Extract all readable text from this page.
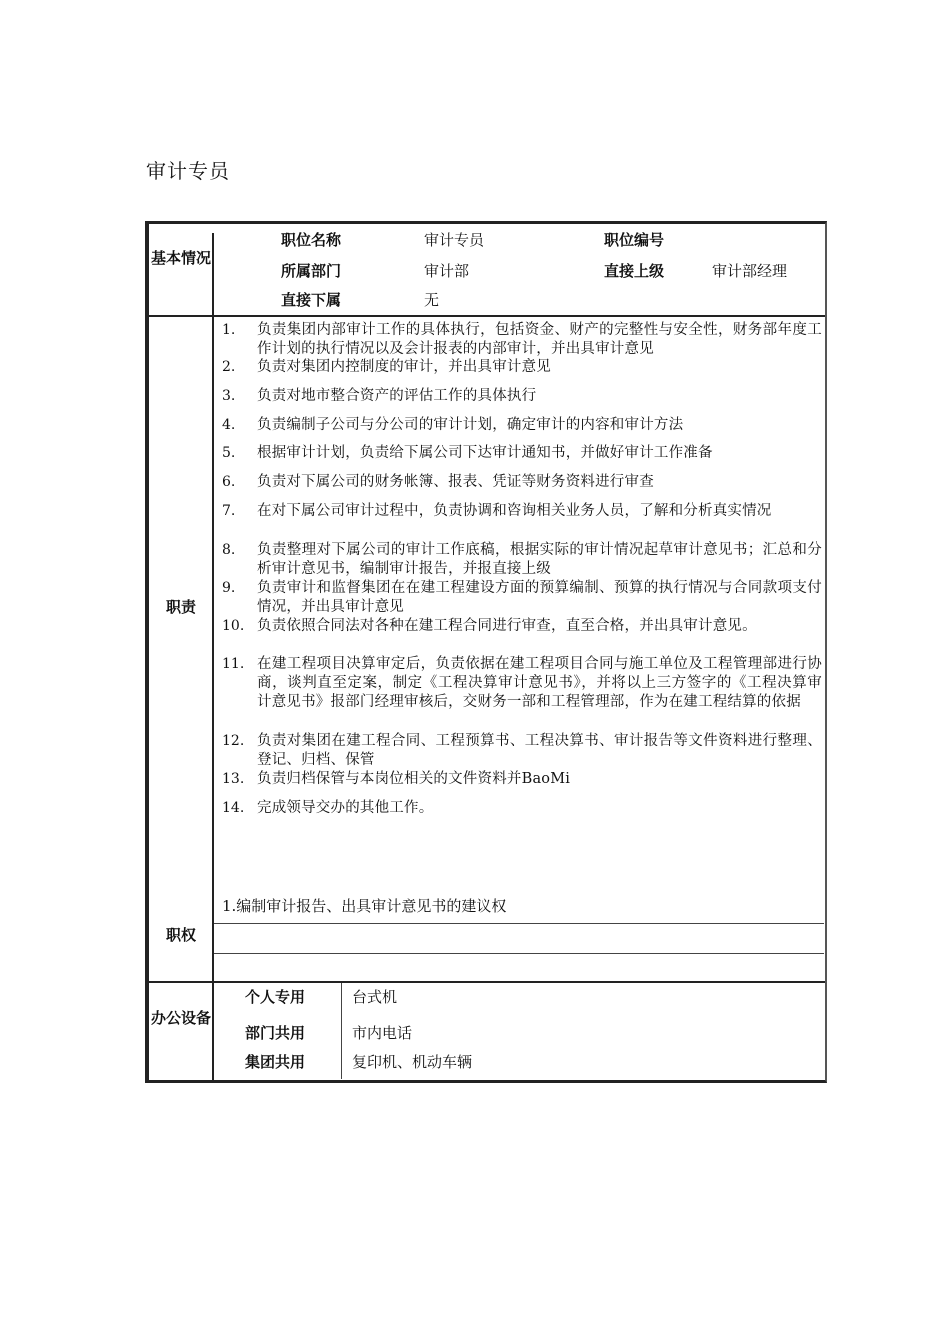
审计专员
基本情况
职位名称	审计专员	职位编号
所属部门	审计部	直接上级	审计部经理
直接下属	无
职责
1.	负责集团内部审计工作的具体执行，包括资金、财产的完整性与安全性，财务部年度工作计划的执行情况以及会计报表的内部审计，并出具审计意见
2.	负责对集团内控制度的审计，并出具审计意见
3.	负责对地市整合资产的评估工作的具体执行
4.	负责编制子公司与分公司的审计计划，确定审计的内容和审计方法
5.	根据审计计划，负责给下属公司下达审计通知书，并做好审计工作准备
6.	负责对下属公司的财务帐簿、报表、凭证等财务资料进行审查
7.	在对下属公司审计过程中，负责协调和咨询相关业务人员，了解和分析真实情况
8.	负责整理对下属公司的审计工作底稿，根据实际的审计情况起草审计意见书；汇总和分析审计意见书，编制审计报告，并报直接上级
9.	负责审计和监督集团在在建工程建设方面的预算编制、预算的执行情况与合同款项支付情况，并出具审计意见
10. 负责依照合同法对各种在建工程合同进行审查，直至合格，并出具审计意见。
11. 在建工程项目决算审定后，负责依据在建工程项目合同与施工单位及工程管理部进行协商，谈判直至定案，制定《工程决算审计意见书》，并将以上三方签字的《工程决算审计意见书》报部门经理审核后，交财务一部和工程管理部，作为在建工程结算的依据
12. 负责对集团在建工程合同、工程预算书、工程决算书、审计报告等文件资料进行整理、登记、归档、保管
13. 负责归档保管与本岗位相关的文件资料并BaoMi
14. 完成领导交办的其他工作。
1.编制审计报告、出具审计意见书的建议权
职权
办公设备
个人专用	台式机
部门共用	市内电话
集团共用	复印机、机动车辆
